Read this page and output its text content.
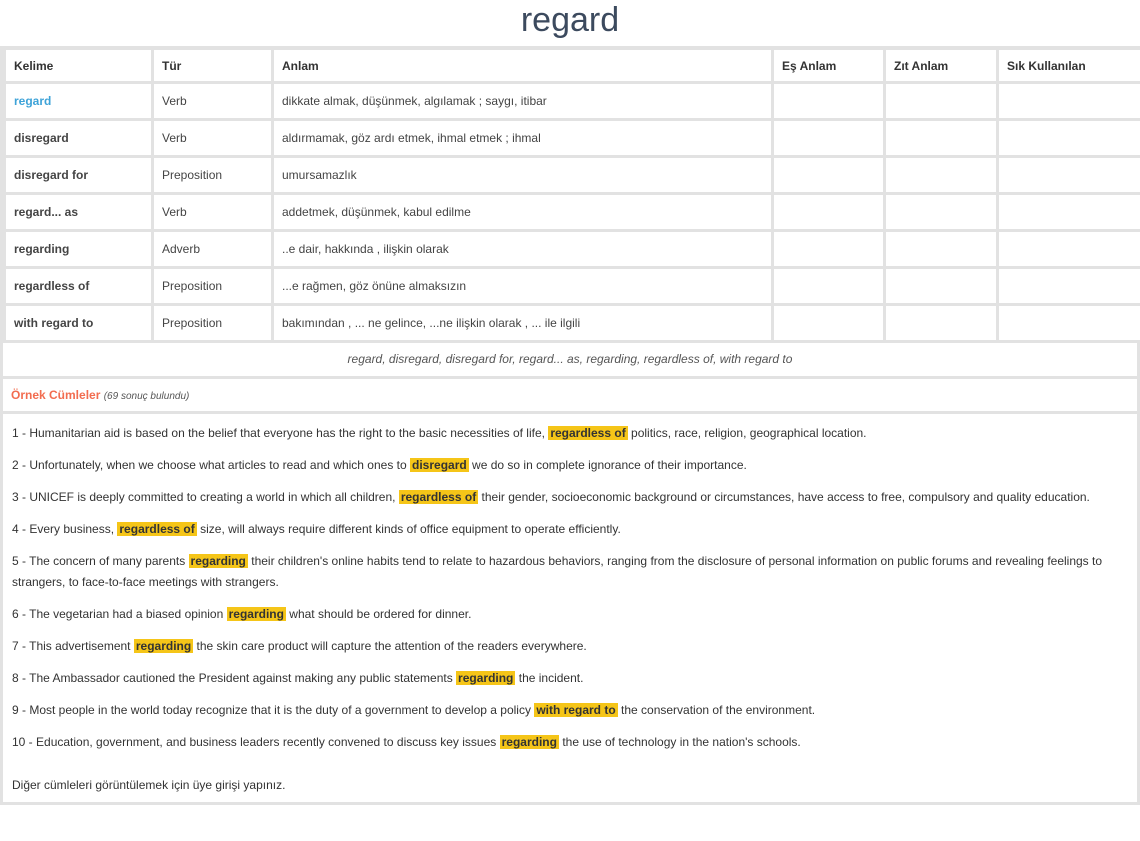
regard
Kelime	Tür	Anlam	Eş Anlam	Zıt Anlam	Sık Kullanılan
regard	Verb	dikkate almak, düşünmek, algılamak ; saygı, itibar			
disregard	Verb	aldırmamak, göz ardı etmek, ihmal etmek ; ihmal			
disregard for	Preposition	umursamazlık			
regard... as	Verb	addetmek, düşünmek, kabul edilme			
regarding	Adverb	..e dair, hakkında , ilişkin olarak			
regardless of	Preposition	...e rağmen, göz önüne almaksızın			
with regard to	Preposition	bakımından , ... ne gelince, ...ne ilişkin olarak , ... ile ilgili			
regard, disregard, disregard for, regard... as, regarding, regardless of, with regard to
Örnek Cümleler (69 sonuç bulundu)
1 - Humanitarian aid is based on the belief that everyone has the right to the basic necessities of life, regardless of politics, race, religion, geographical location.
2 - Unfortunately, when we choose what articles to read and which ones to disregard we do so in complete ignorance of their importance.
3 - UNICEF is deeply committed to creating a world in which all children, regardless of their gender, socioeconomic background or circumstances, have access to free, compulsory and quality education.
4 - Every business, regardless of size, will always require different kinds of office equipment to operate efficiently.
5 - The concern of many parents regarding their children's online habits tend to relate to hazardous behaviors, ranging from the disclosure of personal information on public forums and revealing feelings to strangers, to face-to-face meetings with strangers.
6 - The vegetarian had a biased opinion regarding what should be ordered for dinner.
7 - This advertisement regarding the skin care product will capture the attention of the readers everywhere.
8 - The Ambassador cautioned the President against making any public statements regarding the incident.
9 - Most people in the world today recognize that it is the duty of a government to develop a policy with regard to the conservation of the environment.
10 - Education, government, and business leaders recently convened to discuss key issues regarding the use of technology in the nation's schools.
Diğer cümleleri görüntülemek için üye girişi yapınız.
